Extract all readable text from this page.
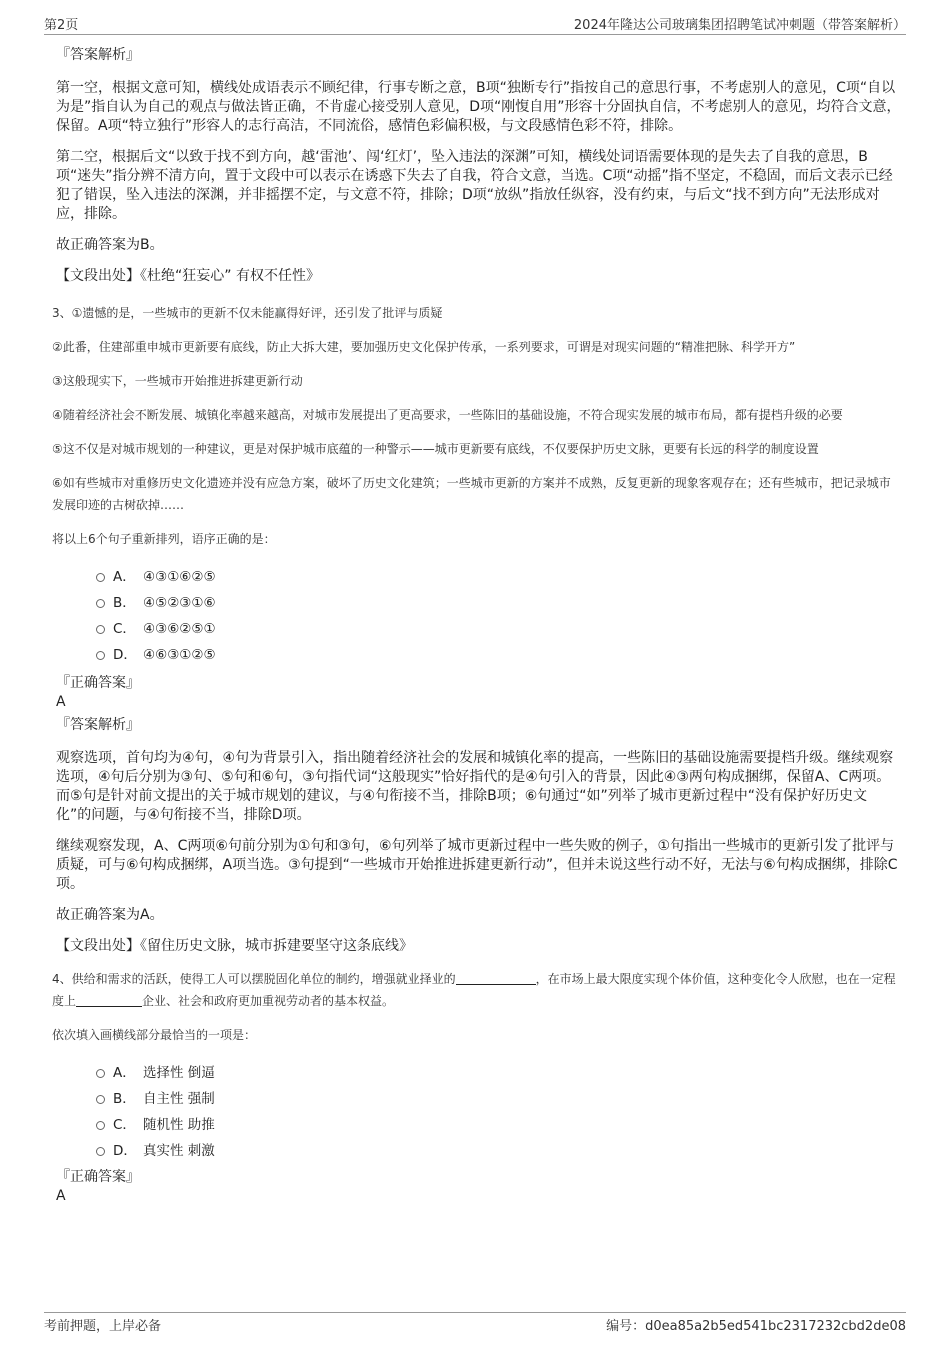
第2页	2024年隆达公司玻璃集团招聘笔试冲刺题（带答案解析）
『答案解析』
第一空，根据文意可知，横线处成语表示不顾纪律，行事专断之意，B项“独断专行”指按自己的意思行事，不考虑别人的意见，C项“自以为是”指自认为自己的观点与做法皆正确，不肯虚心接受别人意见，D项“刚愎自用”形容十分固执自信，不考虑别人的意见，均符合文意，保留。A项“特立独行”形容人的志行高洁，不同流俗，感情色彩偏积极，与文段感情色彩不符，排除。
第二空，根据后文“以致于找不到方向，越‘雷池’、闯‘红灯’，坠入违法的深渊”可知，横线处词语需要体现的是失去了自我的意思，B项“迷失”指分辨不清方向，置于文段中可以表示在诱惑下失去了自我，符合文意，当选。C项“动摇”指不坚定，不稳固，而后文表示已经犯了错误，坠入违法的深渊，并非摇摆不定，与文意不符，排除；D项“放纵”指放任纵容，没有约束，与后文“找不到方向”无法形成对应，排除。
故正确答案为B。
【文段出处】《杜绝“狂妄心” 有权不任性》
3、①遗憾的是，一些城市的更新不仅未能赢得好评，还引发了批评与质疑
②此番，住建部重申城市更新要有底线，防止大拆大建，要加强历史文化保护传承，一系列要求，可谓是对现实问题的“精准把脉、科学开方”
③这般现实下，一些城市开始推进拆建更新行动
④随着经济社会不断发展、城镇化率越来越高，对城市发展提出了更高要求，一些陈旧的基础设施，不符合现实发展的城市布局，都有提档升级的必要
⑤这不仅是对城市规划的一种建议，更是对保护城市底蕴的一种警示——城市更新要有底线，不仅要保护历史文脉，更要有长远的科学的制度设置
⑥如有些城市对重修历史文化遗迹并没有应急方案，破坏了历史文化建筑；一些城市更新的方案并不成熟，反复更新的现象客观存在；还有些城市，把记录城市发展印迹的古树砍掉……
将以上6个句子重新排列，语序正确的是：
A． ④③①⑥②⑤
B． ④⑤②③①⑥
C． ④③⑥②⑤①
D． ④⑥③①②⑤
『正确答案』
A
『答案解析』
观察选项，首句均为④句，④句为背景引入，指出随着经济社会的发展和城镇化率的提高，一些陈旧的基础设施需要提档升级。继续观察选项，④句后分别为③句、⑤句和⑥句，③句指代词“这般现实”恰好指代的是④句引入的背景，因此④③两句构成捆绑，保留A、C两项。而⑤句是针对前文提出的关于城市规划的建议，与④句衔接不当，排除B项；⑥句通过“如”列举了城市更新过程中“没有保护好历史文化”的问题，与④句衔接不当，排除D项。
继续观察发现，A、C两项⑥句前分别为①句和③句，⑥句列举了城市更新过程中一些失败的例子，①句指出一些城市的更新引发了批评与质疑，可与⑥句构成捆绑，A项当选。③句提到“一些城市开始推进拆建更新行动”，但并未说这些行动不好，无法与⑥句构成捆绑，排除C项。
故正确答案为A。
【文段出处】《留住历史文脉，城市拆建要坚守这条底线》
4、供给和需求的活跃，使得工人可以摆脱固化单位的制约，增强就业择业的	，在市场上最大限度实现个体价值，这种变化令人欣慰，也在一定程度上	企业、社会和政府更加重视劳动者的基本权益。
依次填入画横线部分最恰当的一项是：
A． 选择性 倒逼
B． 自主性 强制
C． 随机性 助推
D． 真实性 刺激
『正确答案』
A
考前押题，上岸必备	编号：d0ea85a2b5ed541bc2317232cbd2de08
